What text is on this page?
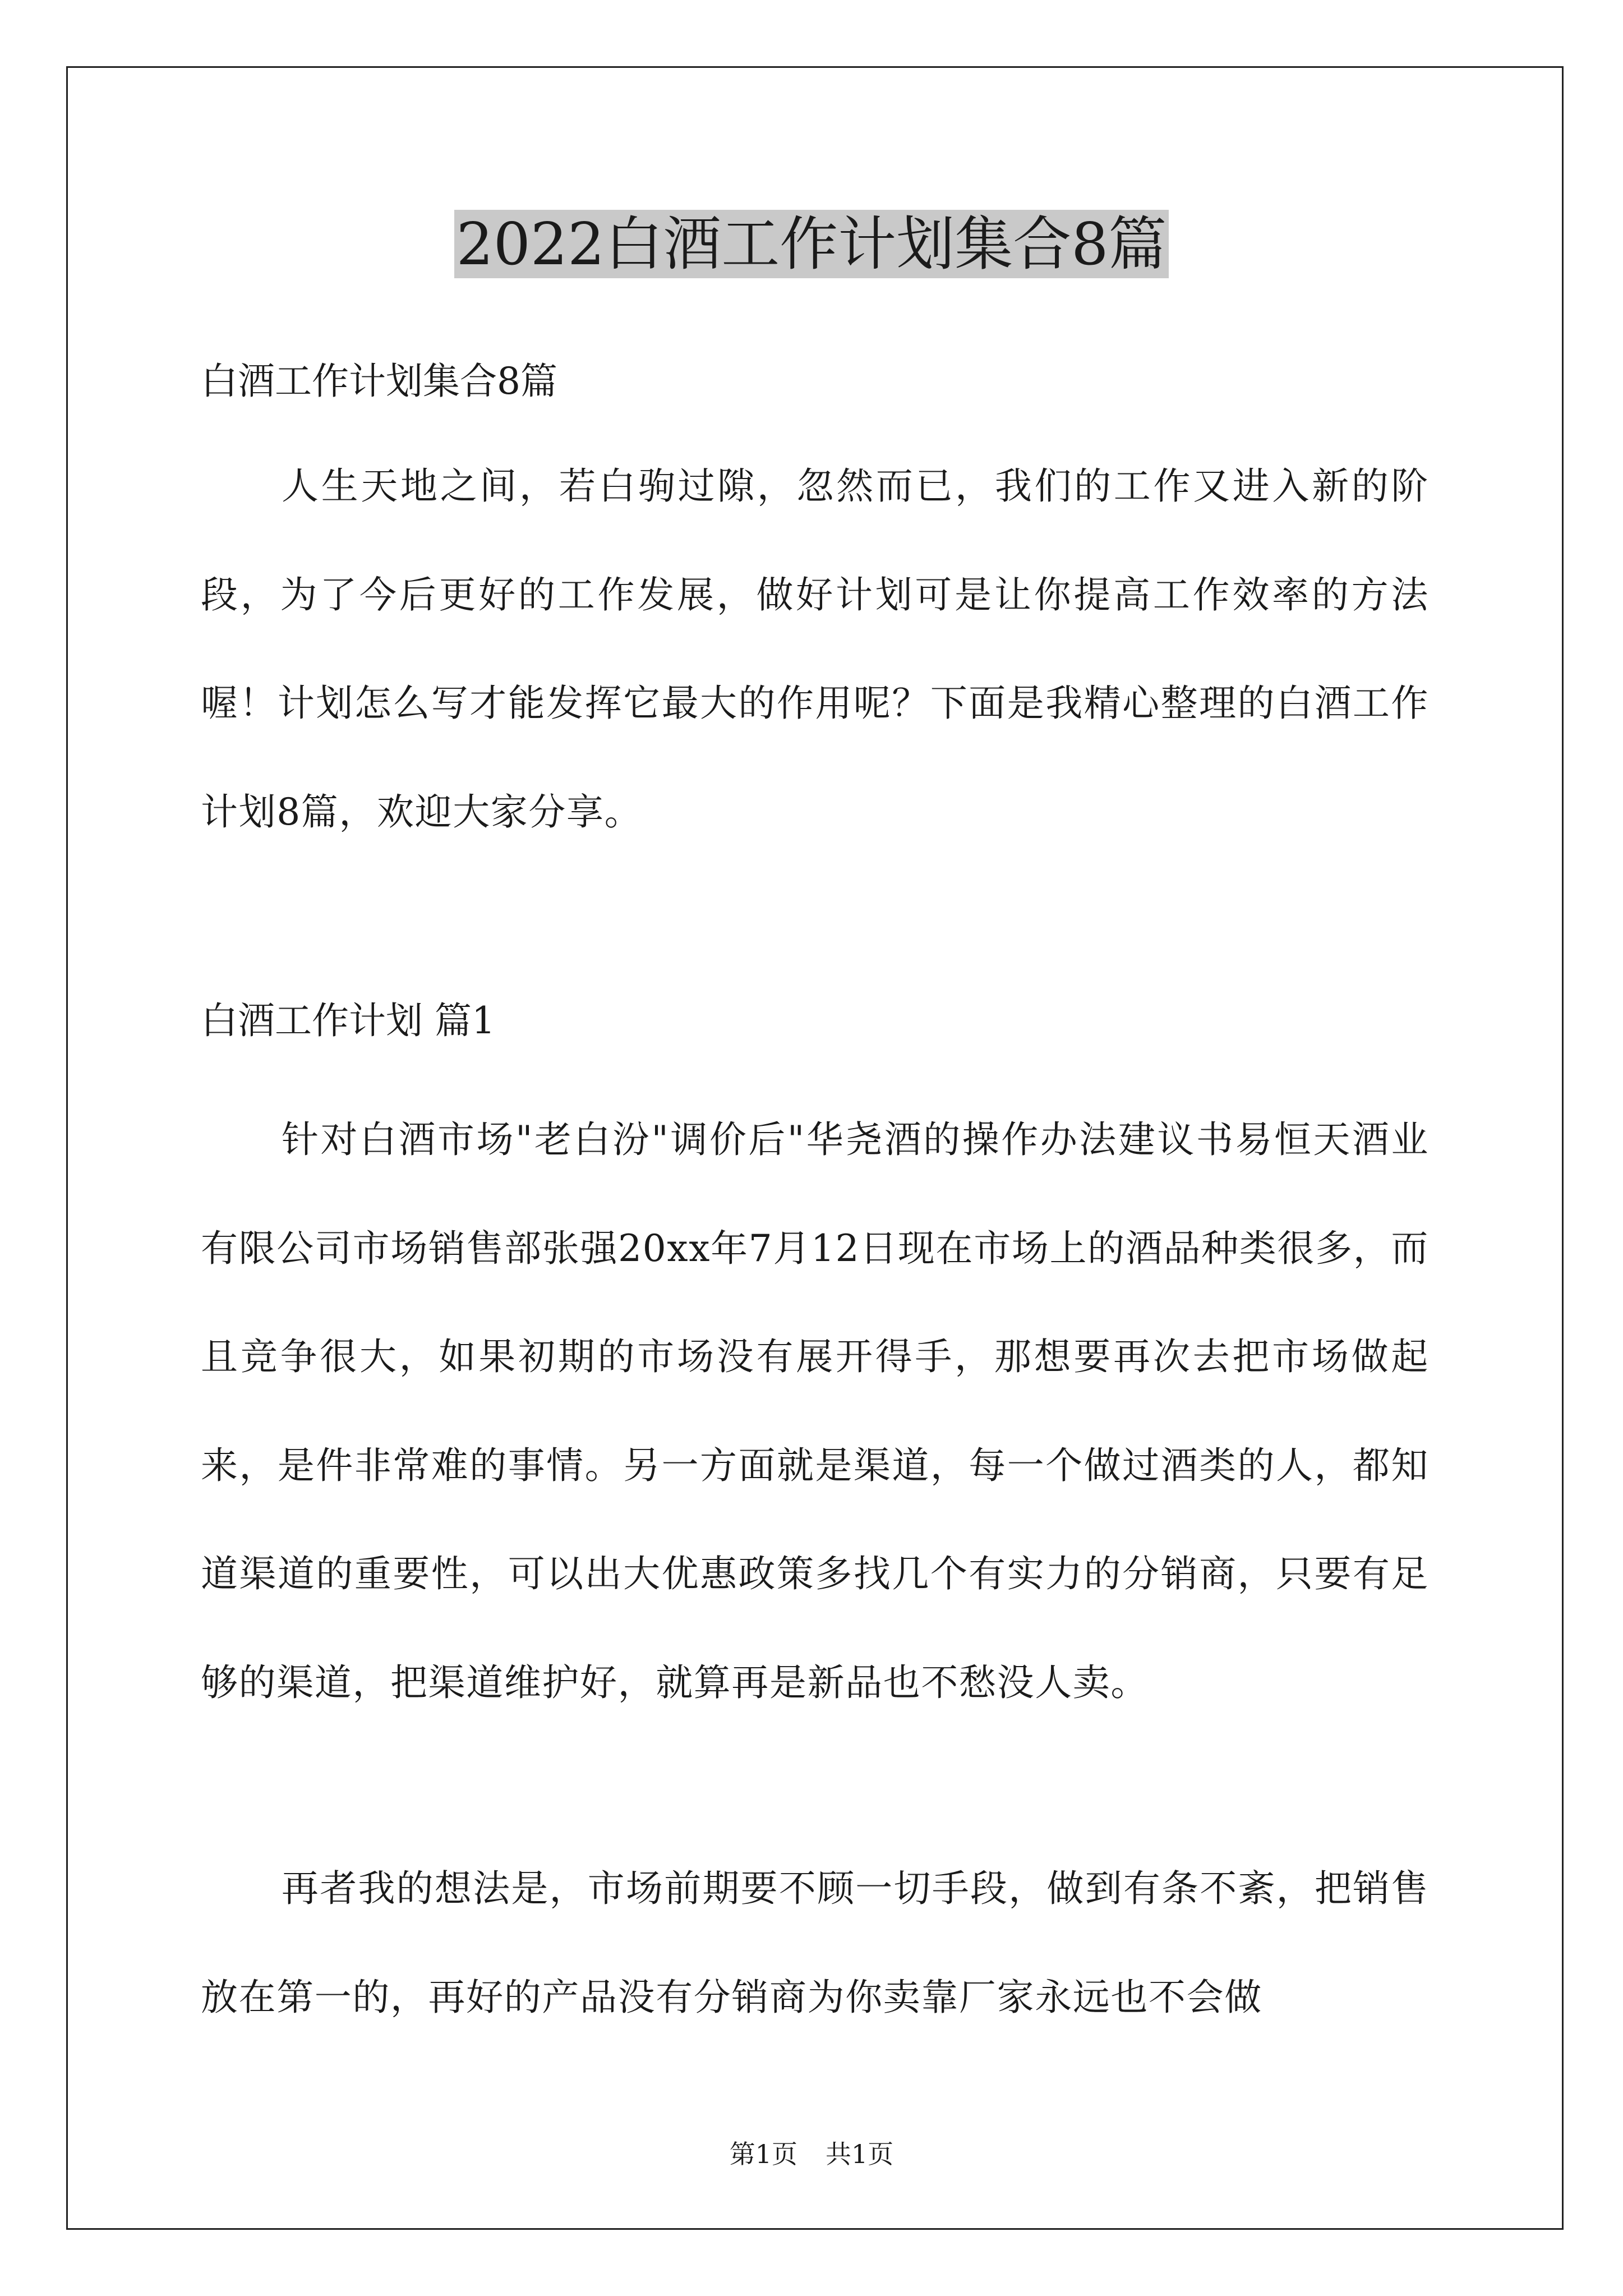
2022白酒工作计划集合8篇

白酒工作计划集合8篇

人生天地之间，若白驹过隙，忽然而已，我们的工作又进入新的阶段，为了今后更好的工作发展，做好计划可是让你提高工作效率的方法喔！计划怎么写才能发挥它最大的作用呢？下面是我精心整理的白酒工作计划8篇，欢迎大家分享。

白酒工作计划 篇1

针对白酒市场"老白汾"调价后"华尧酒的操作办法建议书易恒天酒业有限公司市场销售部张强20xx年7月12日现在市场上的酒品种类很多，而且竞争很大，如果初期的市场没有展开得手，那想要再次去把市场做起来，是件非常难的事情。另一方面就是渠道，每一个做过酒类的人，都知道渠道的重要性，可以出大优惠政策多找几个有实力的分销商，只要有足够的渠道，把渠道维护好，就算再是新品也不愁没人卖。

再者我的想法是，市场前期要不顾一切手段，做到有条不紊，把销售放在第一的，再好的产品没有分销商为你卖靠厂家永远也不会做

第1页 共1页
